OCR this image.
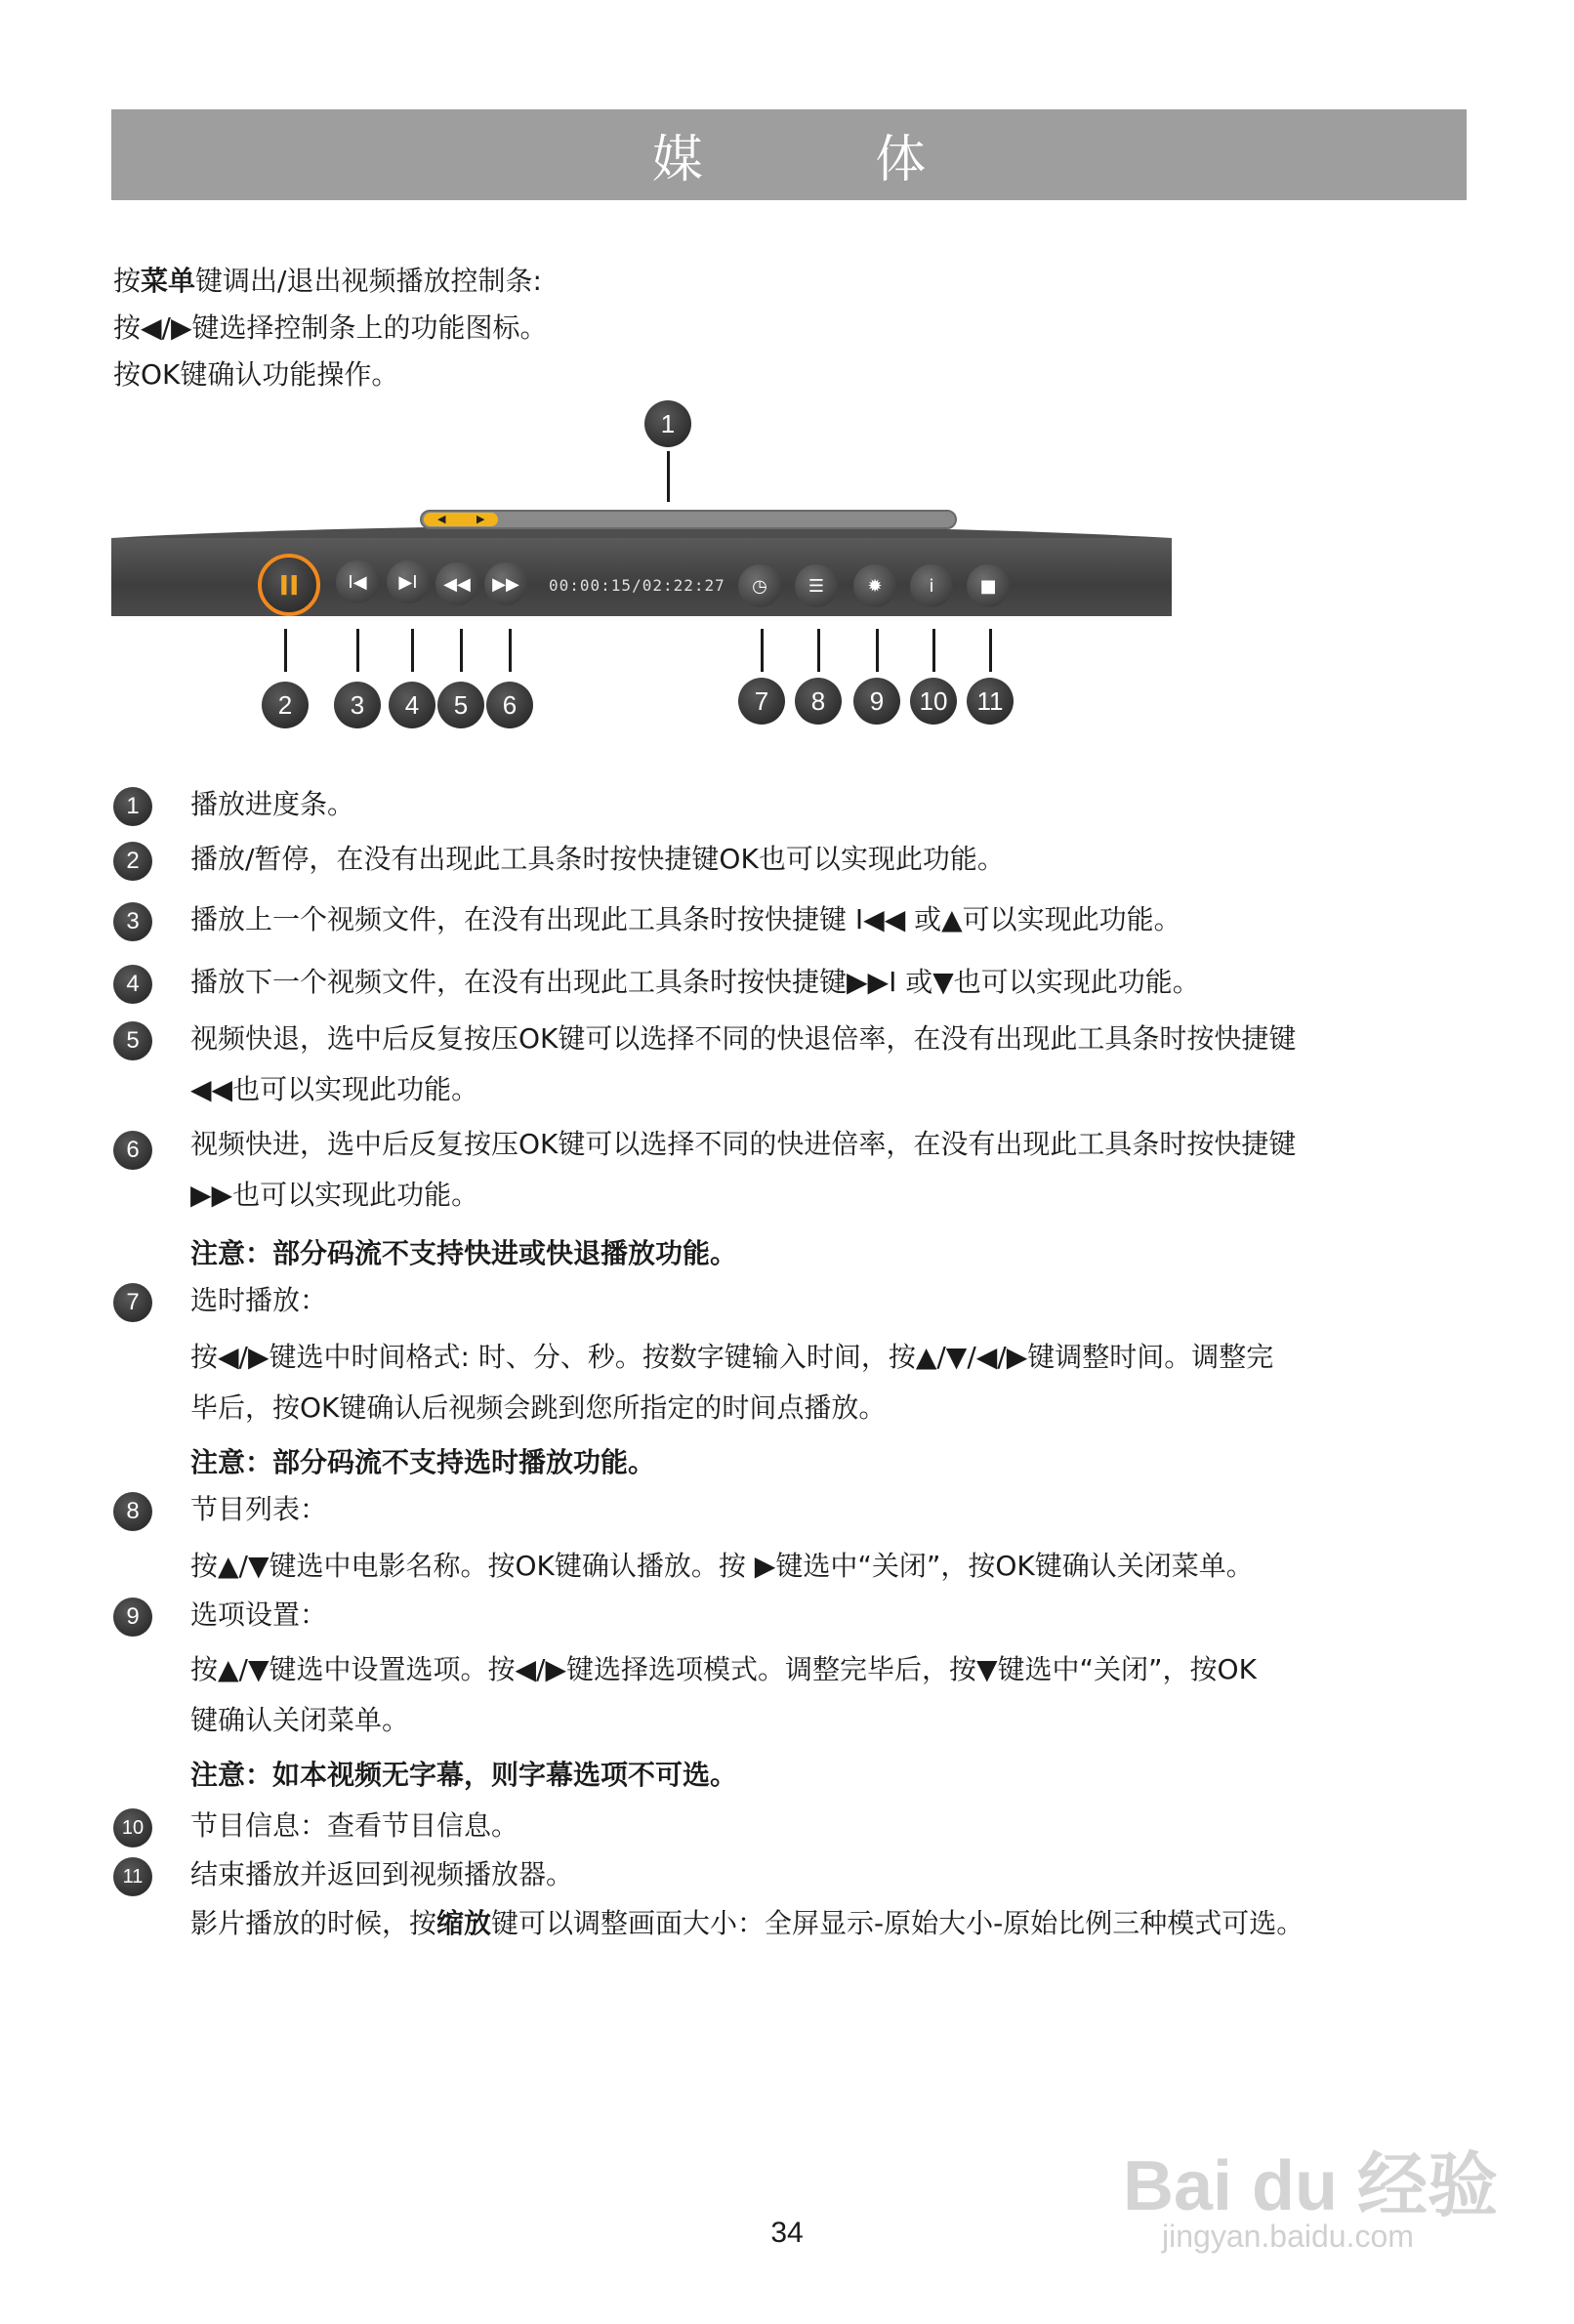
媒 体
按菜单键调出/退出视频播放控制条:
按◀/▶键选择控制条上的功能图标。
按OK键确认功能操作。
1
◀	▶
II	I◀ ▶I ◀◀ ▶▶ 00:00:15/02:22:27 ◷ ☰ ✹	i	■
2	3	4	5	6	7	8	9	10	11
1	播放进度条。
2	播放/暂停，在没有出现此工具条时按快捷键OK也可以实现此功能。
3	播放上一个视频文件，在没有出现此工具条时按快捷键 I◀◀ 或▲可以实现此功能。
4	播放下一个视频文件，在没有出现此工具条时按快捷键▶▶I 或▼也可以实现此功能。
5	视频快退，选中后反复按压OK键可以选择不同的快退倍率，在没有出现此工具条时按快捷键
◀◀也可以实现此功能。
6	视频快进，选中后反复按压OK键可以选择不同的快进倍率，在没有出现此工具条时按快捷键
▶▶也可以实现此功能。
注意：部分码流不支持快进或快退播放功能。
7	选时播放：
按◀/▶键选中时间格式: 时、分、秒。按数字键输入时间，按▲/▼/◀/▶键调整时间。调整完
毕后，按OK键确认后视频会跳到您所指定的时间点播放。
注意：部分码流不支持选时播放功能。
8	节目列表：
按▲/▼键选中电影名称。按OK键确认播放。按 ▶键选中“关闭”，按OK键确认关闭菜单。
9	选项设置：
按▲/▼键选中设置选项。按◀/▶键选择选项模式。调整完毕后，按▼键选中“关闭”，按OK
键确认关闭菜单。
注意：如本视频无字幕，则字幕选项不可选。
10	节目信息：查看节目信息。
11	结束播放并返回到视频播放器。
影片播放的时候，按缩放键可以调整画面大小：全屏显示-原始大小-原始比例三种模式可选。
Bai du 经验
jingyan.baidu.com
34
